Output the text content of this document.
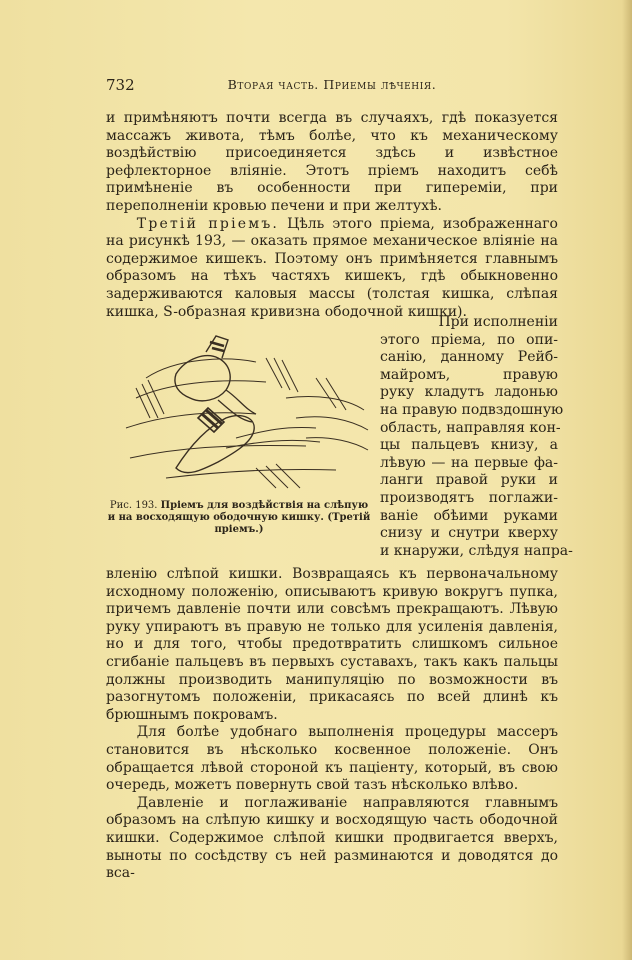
732	Вторая часть. Приемы лѣченія.

и примѣняютъ почти всегда въ случаяхъ, гдѣ показуется массажъ живота, тѣмъ болѣе, что къ механическому воздѣйствію присоединяется здѣсь и извѣстное рефлекторное вліяніе. Этотъ пріемъ находитъ себѣ примѣненіе въ особенности при гипереміи, при переполненіи кровью печени и при желтухѣ.

Третій пріемъ. Цѣль этого пріема, изображеннаго на рисункѣ 193, — оказать прямое механическое вліяніе на содержимое кишекъ. Поэтому онъ примѣняется главнымъ образомъ на тѣхъ частяхъ кишекъ, гдѣ обыкновенно задерживаются каловыя массы (толстая кишка, слѣпая кишка, S-образная кривизна ободочной кишки).

Рис. 193. Пріемъ для воздѣйствія на слѣпую и на восходящую ободочную кишку. (Третій пріемъ.)
При исполненіи
этого пріема, по опи-
санію, данному Рейб-
майромъ, правую
руку кладутъ ладонью
на правую подвздошную
область, направляя кон-
цы пальцевъ книзу, а
лѣвую — на первые фа-
ланги правой руки и
производятъ поглажи-
ваніе обѣими руками
снизу и снутри кверху
и кнаружи, слѣдуя напра-

вленію слѣпой кишки. Возвращаясь къ первоначальному исходному положенію, описываютъ кривую вокругъ пупка, причемъ давленіе почти или совсѣмъ прекращаютъ. Лѣвую руку упираютъ въ правую не только для усиленія давленія, но и для того, чтобы предотвратить слишкомъ сильное сгибаніе пальцевъ въ первыхъ суставахъ, такъ какъ пальцы должны производить манипуляцію по возможности въ разогнутомъ положеніи, прикасаясь по всей длинѣ къ брюшнымъ покровамъ.

Для болѣе удобнаго выполненія процедуры массеръ становится въ нѣсколько косвенное положеніе. Онъ обращается лѣвой стороной къ паціенту, который, въ свою очередь, можетъ повернуть свой тазъ нѣсколько влѣво.

Давленіе и поглаживаніе направляются главнымъ образомъ на слѣпую кишку и восходящую часть ободочной кишки. Содержимое слѣпой кишки продвигается вверхъ, выноты по сосѣдству съ ней разминаются и доводятся до вса-
